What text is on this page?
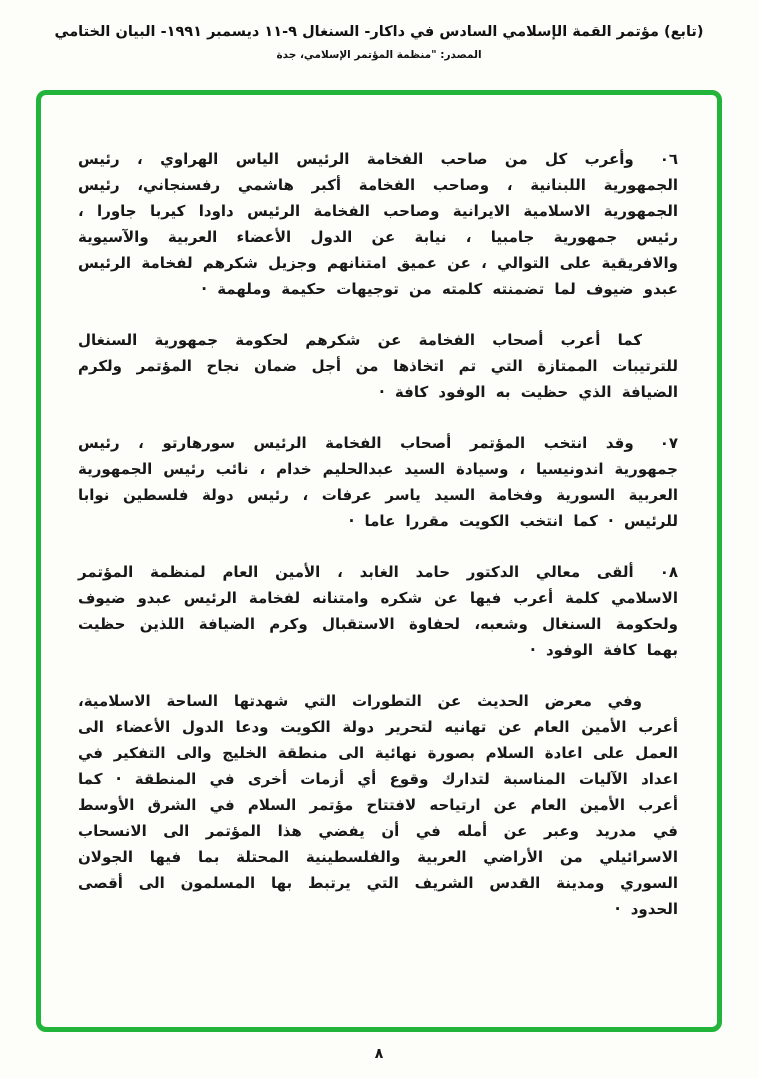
(تابع) مؤتمر القمة الإسلامي السادس في داكار- السنغال ٩-١١ ديسمبر ١٩٩١- البيان الختامي
المصدر: "منظمة المؤتمر الإسلامي، جدة

٦٠وأعرب كل من صاحب الفخامة الرئيس الياس الهراوي ، رئيس الجمهورية اللبنانية ، وصاحب الفخامة أكبر هاشمي رفسنجاني، رئيس الجمهورية الاسلامية الايرانية وصاحب الفخامة الرئيس داودا كيربا جاورا ، رئيس جمهورية جامبيا ، نيابة عن الدول الأعضاء العربية والآسيوية والافريقية على التوالي ، عن عميق امتنانهم وجزيل شكرهم لفخامة الرئيس عبدو ضيوف لما تضمنته كلمته من توجيهات حكيمة وملهمة ·

كما أعرب أصحاب الفخامة عن شكرهم لحكومة جمهورية السنغال للترتيبات الممتازة التي تم اتخاذها من أجل ضمان نجاح المؤتمر ولكرم الضيافة الذي حظيت به الوفود كافة ·

٧٠وقد انتخب المؤتمر أصحاب الفخامة الرئيس سورهارتو ، رئيس جمهورية اندونيسيا ، وسيادة السيد عبدالحليم خدام ، نائب رئيس الجمهورية العربية السورية وفخامة السيد ياسر عرفات ، رئيس دولة فلسطين نوابا للرئيس · كما انتخب الكويت مقررا عاما ·

٨٠ألقى معالي الدكتور حامد الغابد ، الأمين العام لمنظمة المؤتمر الاسلامي كلمة أعرب فيها عن شكره وامتنانه لفخامة الرئيس عبدو ضيوف ولحكومة السنغال وشعبه، لحفاوة الاستقبال وكرم الضيافة اللذين حظيت بهما كافة الوفود ·

وفي معرض الحديث عن التطورات التي شهدتها الساحة الاسلامية، أعرب الأمين العام عن تهانيه لتحرير دولة الكويت ودعا الدول الأعضاء الى العمل على اعادة السلام بصورة نهائية الى منطقة الخليج والى التفكير في اعداد الآليات المناسبة لتدارك وقوع أي أزمات أخرى في المنطقة · كما أعرب الأمين العام عن ارتياحه لافتتاح مؤتمر السلام في الشرق الأوسط في مدريد وعبر عن أمله في أن يفضي هذا المؤتمر الى الانسحاب الاسرائيلي من الأراضي العربية والفلسطينية المحتلة بما فيها الجولان السوري ومدينة القدس الشريف التي يرتبط بها المسلمون الى أقصى الحدود ·

٨
